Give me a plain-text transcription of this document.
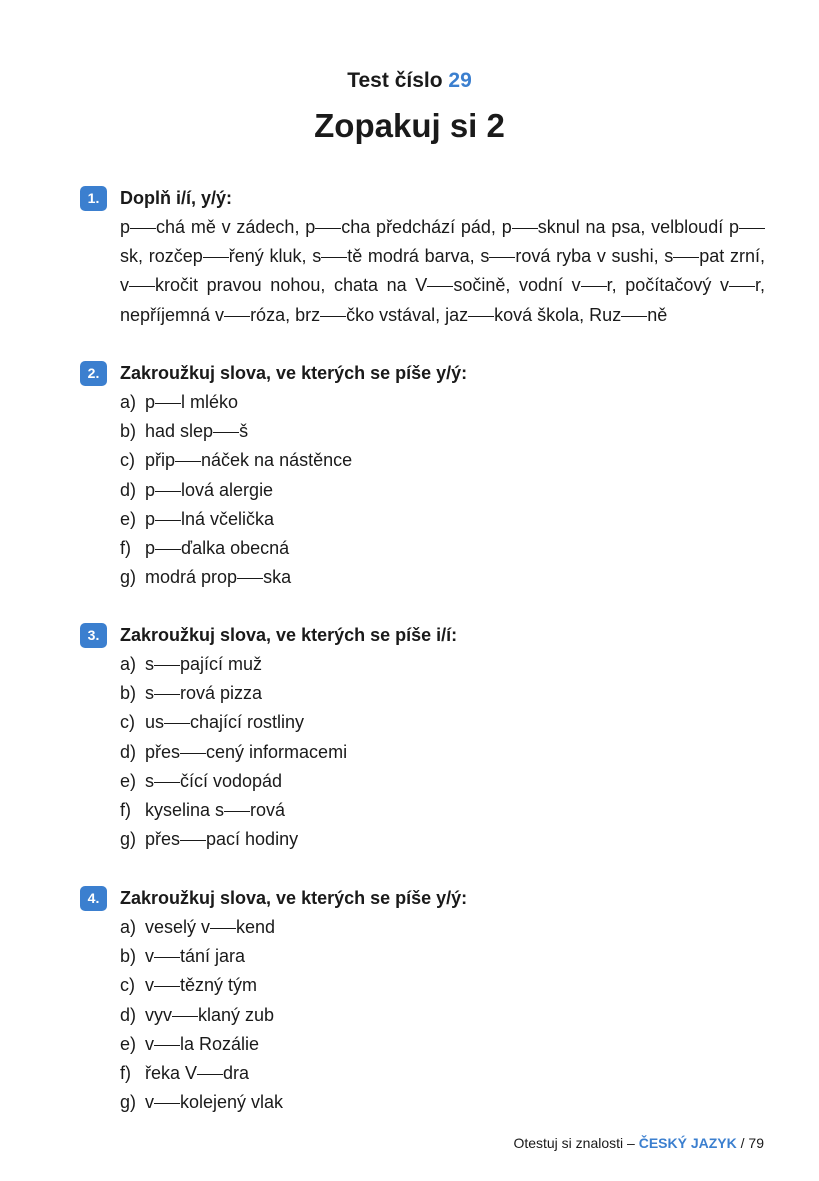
Test číslo 29
Zopakuj si 2
1.	Doplň i/í, y/ý:
p chá mě v zádech, p cha předchází pád, p sknul na psa, velbloudí psk, rozčep řený kluk, s tě modrá barva, s rová ryba v sushi, s pat zrní, v kročit pravou nohou, chata na V sočině, vodní v r, počítačový v r, nepříjemná v róza, brz čko vstával, jaz ková škola, Ruz ně
2.	Zakroužkuj slova, ve kterých se píše y/ý:
a) p l mléko
b) had slep š
c) přip náček na nástěnce
d) p lová alergie
e) p lná včelička
f) p ďalka obecná
g) modrá prop ska
3.	Zakroužkuj slova, ve kterých se píše i/í:
a) s pající muž
b) s rová pizza
c) us chající rostliny
d) přes cený informacemi
e) s čící vodopád
f) kyselina s rová
g) přes pací hodiny
4.	Zakroužkuj slova, ve kterých se píše y/ý:
a) veselý v kend
b) v tání jara
c) v tězný tým
d) vyv klaný zub
e) v la Rozálie
f) řeka V dra
g) v kolejený vlak
Otestuj si znalosti – ČESKÝ JAZYK / 79
